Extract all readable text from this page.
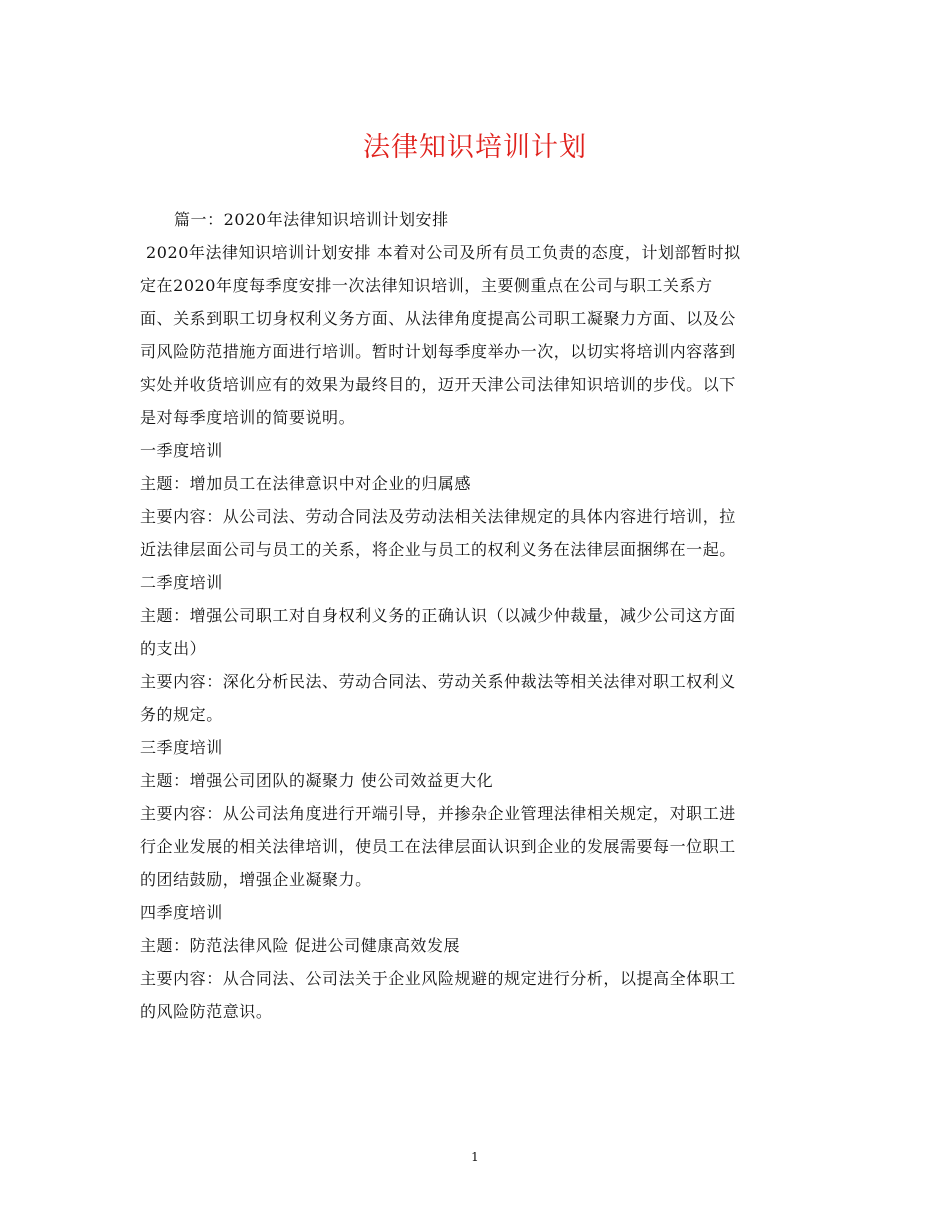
法律知识培训计划
篇一：2020年法律知识培训计划安排
2020年法律知识培训计划安排 本着对公司及所有员工负责的态度，计划部暂时拟
定在2020年度每季度安排一次法律知识培训，主要侧重点在公司与职工关系方
面、关系到职工切身权利义务方面、从法律角度提高公司职工凝聚力方面、以及公
司风险防范措施方面进行培训。暂时计划每季度举办一次，以切实将培训内容落到
实处并收货培训应有的效果为最终目的，迈开天津公司法律知识培训的步伐。以下
是对每季度培训的简要说明。
一季度培训
主题：增加员工在法律意识中对企业的归属感
主要内容：从公司法、劳动合同法及劳动法相关法律规定的具体内容进行培训，拉
近法律层面公司与员工的关系，将企业与员工的权利义务在法律层面捆绑在一起。
二季度培训
主题：增强公司职工对自身权利义务的正确认识（以减少仲裁量，减少公司这方面
的支出）
主要内容：深化分析民法、劳动合同法、劳动关系仲裁法等相关法律对职工权利义
务的规定。
三季度培训
主题：增强公司团队的凝聚力 使公司效益更大化
主要内容：从公司法角度进行开端引导，并掺杂企业管理法律相关规定，对职工进
行企业发展的相关法律培训，使员工在法律层面认识到企业的发展需要每一位职工
的团结鼓励，增强企业凝聚力。
四季度培训
主题：防范法律风险 促进公司健康高效发展
主要内容：从合同法、公司法关于企业风险规避的规定进行分析，以提高全体职工
的风险防范意识。
1
